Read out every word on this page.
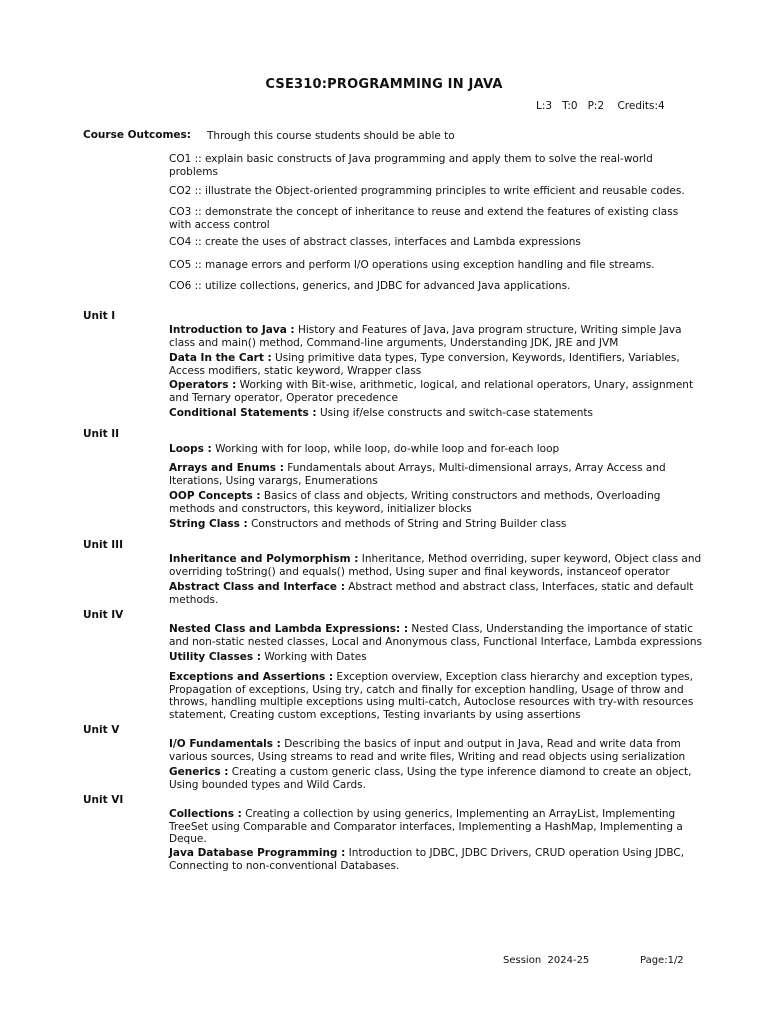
CSE310:PROGRAMMING IN JAVA
L:3   T:0   P:2    Credits:4
Course Outcomes: Through this course students should be able to
CO1 :: explain basic constructs of Java programming and apply them to solve the real-world problems
CO2 :: illustrate the Object-oriented programming principles to write efficient and reusable codes.
CO3 :: demonstrate the concept of inheritance to reuse and extend the features of existing class with access control
CO4 :: create the uses of abstract classes, interfaces and Lambda expressions
CO5 :: manage errors and perform I/O operations using exception handling and file streams.
CO6 :: utilize collections, generics, and JDBC for advanced Java applications.
Unit I
Introduction to Java : History and Features of Java, Java program structure, Writing simple Java class and main() method, Command-line arguments, Understanding JDK, JRE and JVM
Data In the Cart : Using primitive data types, Type conversion, Keywords, Identifiers, Variables, Access modifiers, static keyword, Wrapper class
Operators : Working with Bit-wise, arithmetic, logical, and relational operators, Unary, assignment and Ternary operator, Operator precedence
Conditional Statements : Using if/else constructs and switch-case statements
Unit II
Loops : Working with for loop, while loop, do-while loop and for-each loop
Arrays and Enums : Fundamentals about Arrays, Multi-dimensional arrays, Array Access and Iterations, Using varargs, Enumerations
OOP Concepts : Basics of class and objects, Writing constructors and methods, Overloading methods and constructors, this keyword, initializer blocks
String Class : Constructors and methods of String and String Builder class
Unit III
Inheritance and Polymorphism : Inheritance, Method overriding, super keyword, Object class and overriding toString() and equals() method, Using super and final keywords, instanceof operator
Abstract Class and Interface : Abstract method and abstract class, Interfaces, static and default methods.
Unit IV
Nested Class and Lambda Expressions: : Nested Class, Understanding the importance of static and non-static nested classes, Local and Anonymous class, Functional Interface, Lambda expressions
Utility Classes : Working with Dates
Exceptions and Assertions : Exception overview, Exception class hierarchy and exception types, Propagation of exceptions, Using try, catch and finally for exception handling, Usage of throw and throws, handling multiple exceptions using multi-catch, Autoclose resources with try-with resources statement, Creating custom exceptions, Testing invariants by using assertions
Unit V
I/O Fundamentals : Describing the basics of input and output in Java, Read and write data from various sources, Using streams to read and write files, Writing and read objects using serialization
Generics : Creating a custom generic class, Using the type inference diamond to create an object, Using bounded types and Wild Cards.
Unit VI
Collections : Creating a collection by using generics, Implementing an ArrayList, Implementing TreeSet using Comparable and Comparator interfaces, Implementing a HashMap, Implementing a Deque.
Java Database Programming : Introduction to JDBC, JDBC Drivers, CRUD operation Using JDBC, Connecting to non-conventional Databases.
Session  2024-25	Page:1/2
